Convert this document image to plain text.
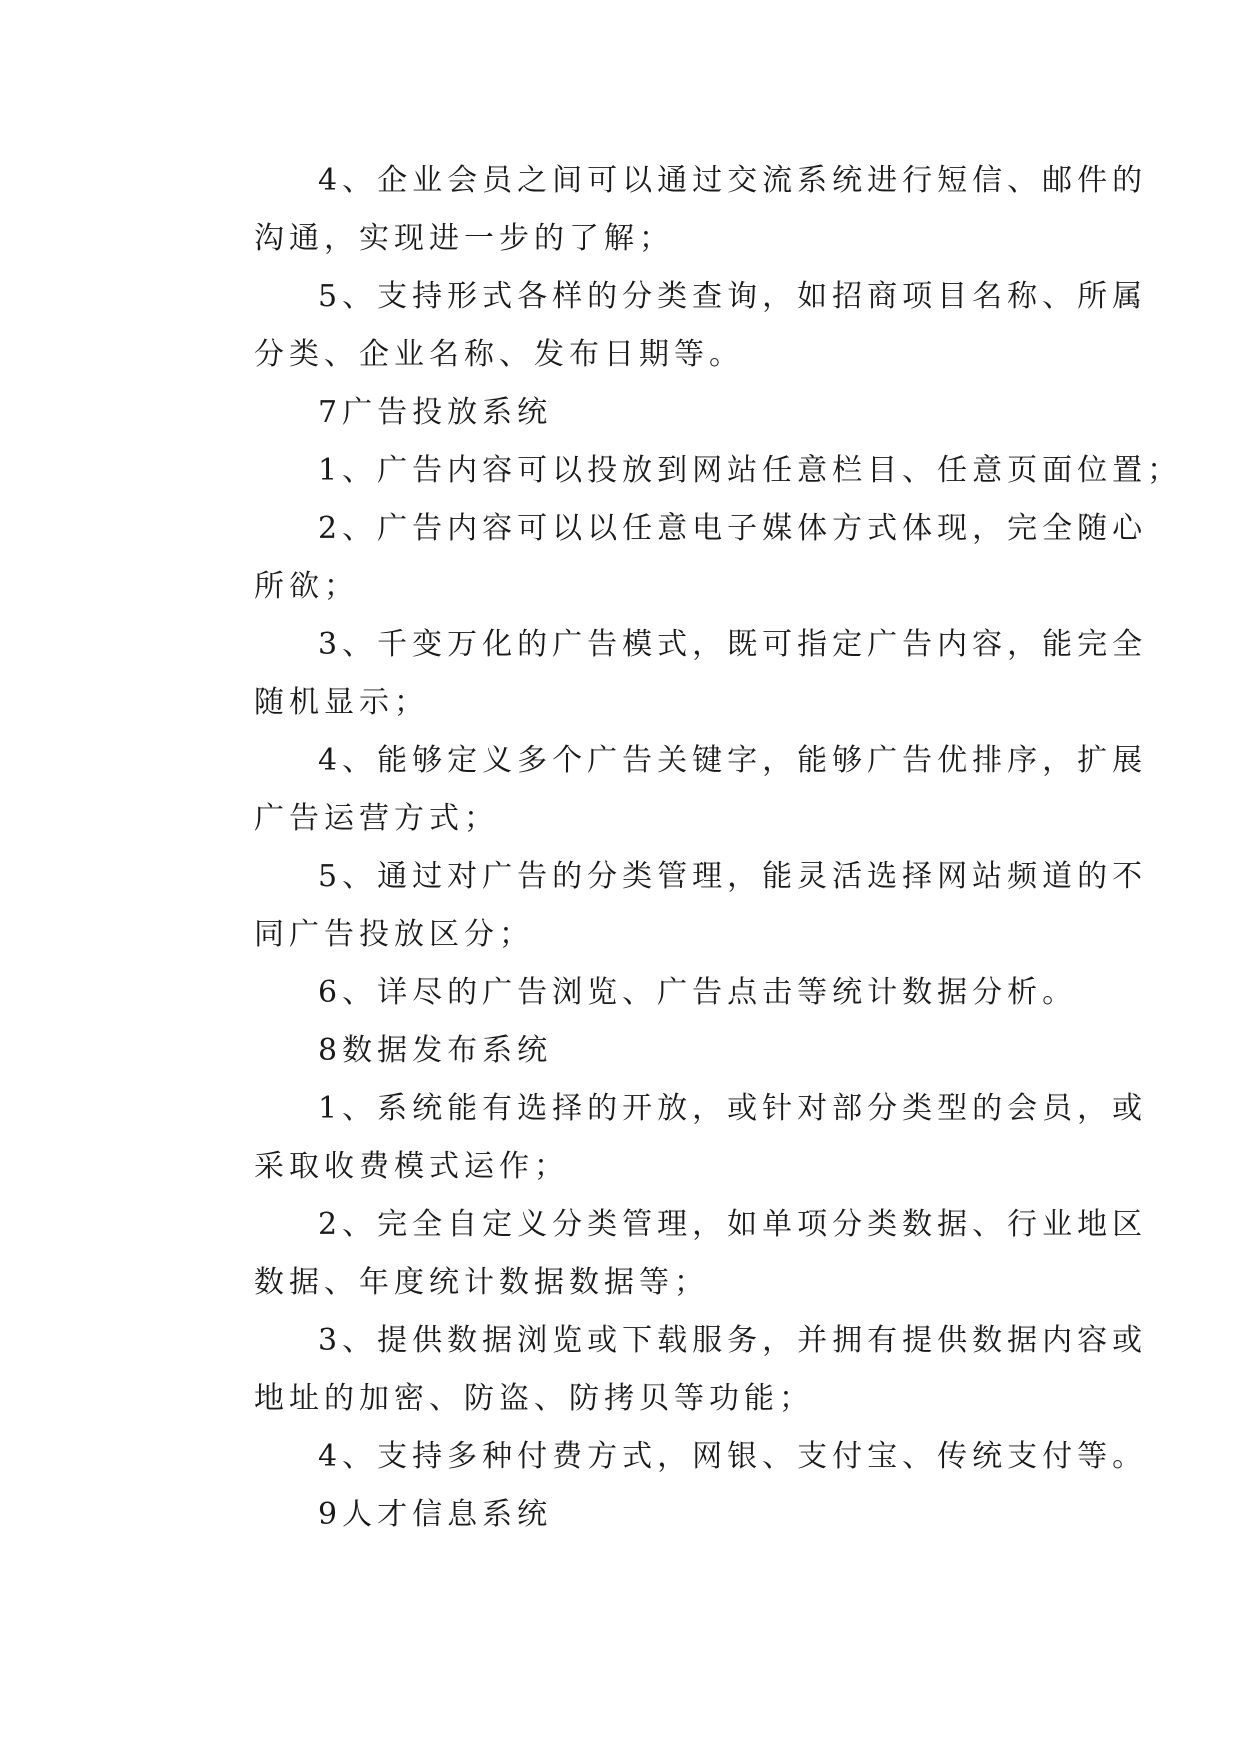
4、企业会员之间可以通过交流系统进行短信、邮件的
沟通，实现进一步的了解；
5、支持形式各样的分类查询，如招商项目名称、所属
分类、企业名称、发布日期等。
7广告投放系统
1、广告内容可以投放到网站任意栏目、任意页面位置；
2、广告内容可以以任意电子媒体方式体现，完全随心
所欲；
3、千变万化的广告模式，既可指定广告内容，能完全
随机显示；
4、能够定义多个广告关键字，能够广告优排序，扩展
广告运营方式；
5、通过对广告的分类管理，能灵活选择网站频道的不
同广告投放区分；
6、详尽的广告浏览、广告点击等统计数据分析。
8数据发布系统
1、系统能有选择的开放，或针对部分类型的会员，或
采取收费模式运作；
2、完全自定义分类管理，如单项分类数据、行业地区
数据、年度统计数据数据等；
3、提供数据浏览或下载服务，并拥有提供数据内容或
地址的加密、防盗、防拷贝等功能；
4、支持多种付费方式，网银、支付宝、传统支付等。
9人才信息系统
